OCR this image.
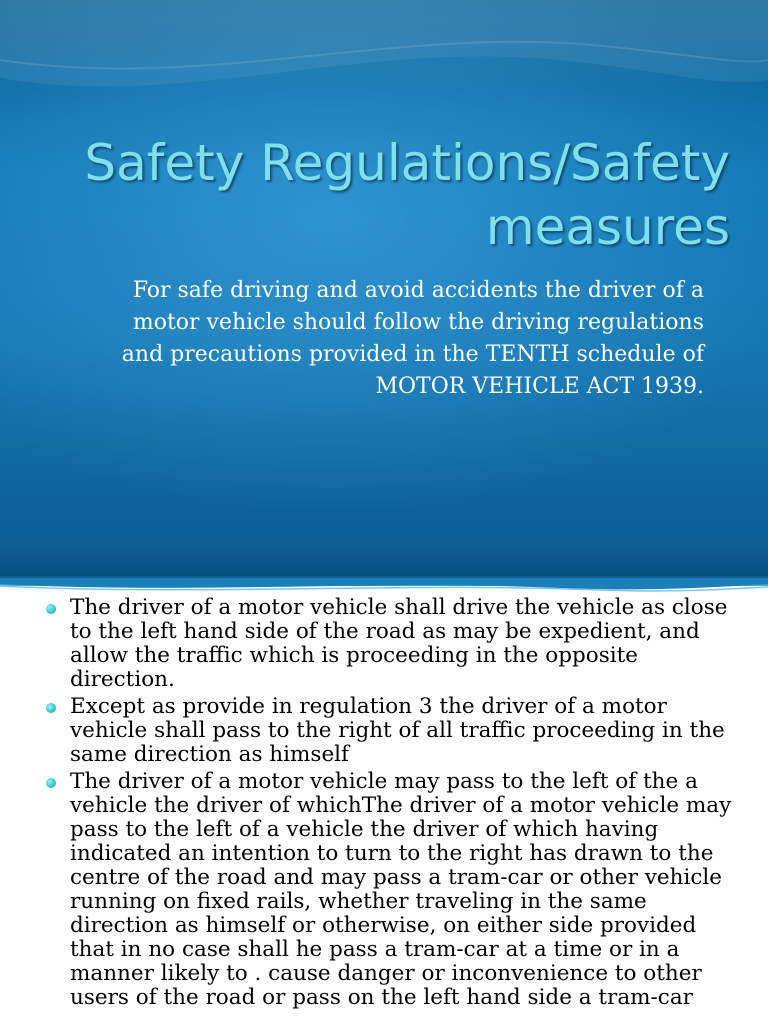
Safety Regulations/Safety
measures

For safe driving and avoid accidents the driver of a
motor vehicle should follow the driving regulations
and precautions provided in the TENTH schedule of
MOTOR VEHICLE ACT 1939.

The driver of a motor vehicle shall drive the vehicle as close to the left hand side of the road as may be expedient, and allow the traffic which is proceeding in the opposite direction.
Except as provide in regulation 3 the driver of a motor vehicle shall pass to the right of all traffic proceeding in the same direction as himself
The driver of a motor vehicle may pass to the left of the a vehicle the driver of whichThe driver of a motor vehicle may pass to the left of a vehicle the driver of which having indicated an intention to turn to the right has drawn to the centre of the road and may pass a tram-car or other vehicle running on fixed rails, whether traveling in the same direction as himself or otherwise, on either side provided that in no case shall he pass a tram-car at a time or in a manner likely to . cause danger or inconvenience to other users of the road or pass on the left hand side a tram-car
